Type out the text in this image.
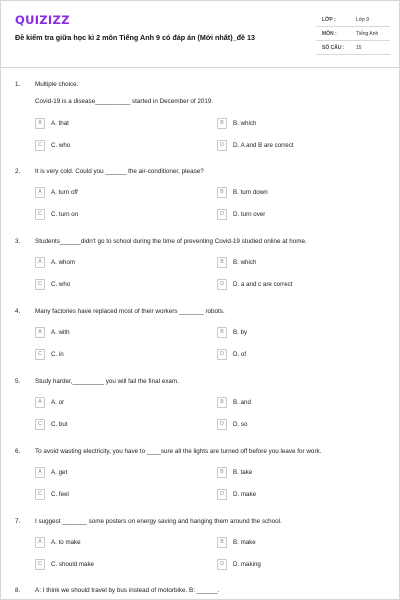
QUIZIZZ
Đề kiểm tra giữa học kì 2 môn Tiếng Anh 9 có đáp án (Mới nhất)_đề 13
LỚP :	Lớp 9
MÔN :	Tiếng Anh
SỐ CÂU : 15
1. Multiple choice.
Covid-19 is a disease__________ started in December of 2019.
A	A. that	B	B. which
C	C. who	D	D. A and B are correct
2. It is very cold. Could you ______ the air-conditioner, please?
A	A. turn off	B	B. turn down
C	C. turn on	D	D. turn over
3. Students______didn't go to school during the time of preventing Covid-19 studied online at home.
A	A. whom	B	B. which
C	C. who	D	D. a and c are correct
4. Many factories have replaced most of their workers _______ robots.
A	A. with	B	B. by
C	C. in	D	D. of
5. Study harder,_________ you will fail the final exam.
A	A. or	B	B. and
C	C. but	D	D. so
6. To avoid wasting electricity, you have to ____sure all the lights are turned off before you leave for work.
A	A. get	B	B. take
C	C. feel	D	D. make
7. I suggest _______ some posters on energy saving and hanging them around the school.
A	A. to make	B	B. make
C	C. should make	D	D. making
8. A: I think we should travel by bus instead of motorbike. B: ______.
